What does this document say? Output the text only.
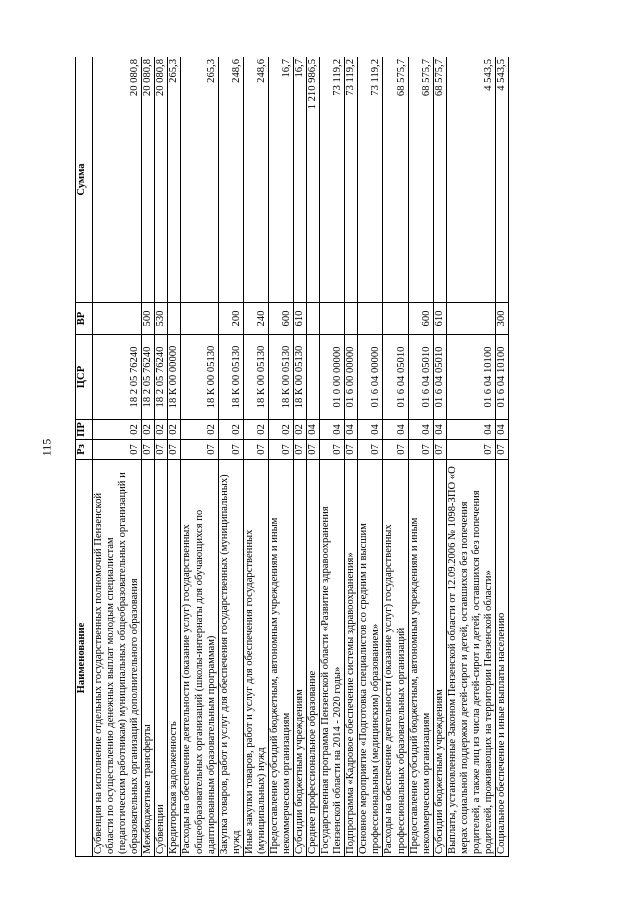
115
Наименование	Рз	ПР	ЦСР	ВР	Сумма
Субвенция на исполнение отдельных государственных полномочий Пензенской области по осуществлению денежных выплат молодым специалистам (педагогическим работникам) муниципальных общеобразовательных организаций и образовательных организаций дополнительного образования	07	02	18 2 05 76240		20 080,8
Межбюджетные трансферты	07	02	18 2 05 76240	500	20 080,8
Субвенции	07	02	18 2 05 76240	530	20 080,8
Кредиторская задолженность	07	02	18 К 00 00000		265,3
Расходы на обеспечение деятельности (оказание услуг) государственных общеобразовательных организаций (школы-интернаты для обучающихся по адаптированным образовательным программам)	07	02	18 К 00 05130		265,3
Закупка товаров, работ и услуг для обеспечения государственных (муниципальных) нужд	07	02	18 К 00 05130	200	248,6
Иные закупки товаров, работ и услуг для обеспечения государственных (муниципальных) нужд	07	02	18 К 00 05130	240	248,6
Предоставление субсидий бюджетным, автономным учреждениям и иным некоммерческим организациям	07	02	18 К 00 05130	600	16,7
Субсидии бюджетным учреждениям	07	02	18 К 00 05130	610	16,7
Среднее профессиональное образование	07	04			1 210 986,5
Государственная программа Пензенской области «Развитие здравоохранения Пензенской области на 2014 - 2020 годы»	07	04	01 0 00 00000		73 119,2
Подпрограмма «Кадровое обеспечение системы здравоохранения»	07	04	01 6 00 00000		73 119,2
Основное мероприятие «Подготовка специалистов со средним и высшим профессиональным (медицинским) образованием»	07	04	01 6 04 00000		73 119,2
Расходы на обеспечение деятельности (оказание услуг) государственных профессиональных образовательных организаций	07	04	01 6 04 05010		68 575,7
Предоставление субсидий бюджетным, автономным учреждениям и иным некоммерческим организациям	07	04	01 6 04 05010	600	68 575,7
Субсидии бюджетным учреждениям	07	04	01 6 04 05010	610	68 575,7
Выплаты, установленные Законом Пензенской области от 12.09.2006 № 1098-ЗПО «О мерах социальной поддержки детей-сирот и детей, оставшихся без попечения родителей, а также лиц из числа детей-сирот и детей, оставшихся без попечения родителей, проживающих на территории Пензенской области»	07	04	01 6 04 10100		4 543,5
Социальное обеспечение и иные выплаты населению	07	04	01 6 04 10100	300	4 543,5
